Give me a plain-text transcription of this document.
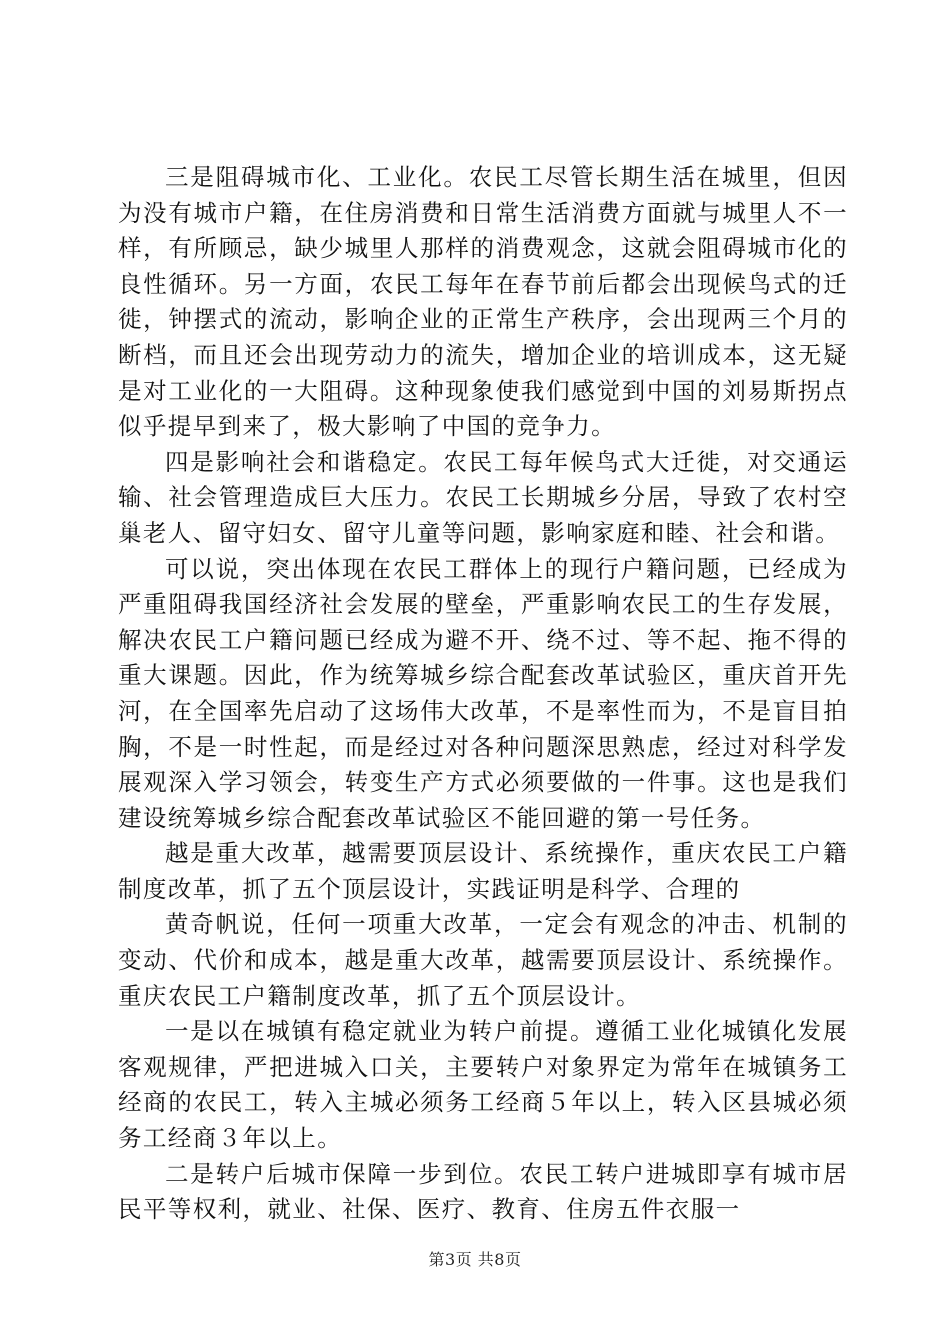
三是阻碍城市化、工业化。农民工尽管长期生活在城里，但因为没有城市户籍，在住房消费和日常生活消费方面就与城里人不一样，有所顾忌，缺少城里人那样的消费观念，这就会阻碍城市化的良性循环。另一方面，农民工每年在春节前后都会出现候鸟式的迁徙，钟摆式的流动，影响企业的正常生产秩序，会出现两三个月的断档，而且还会出现劳动力的流失，增加企业的培训成本，这无疑是对工业化的一大阻碍。这种现象使我们感觉到中国的刘易斯拐点似乎提早到来了，极大影响了中国的竞争力。

四是影响社会和谐稳定。农民工每年候鸟式大迁徙，对交通运输、社会管理造成巨大压力。农民工长期城乡分居，导致了农村空巢老人、留守妇女、留守儿童等问题，影响家庭和睦、社会和谐。

可以说，突出体现在农民工群体上的现行户籍问题，已经成为严重阻碍我国经济社会发展的壁垒，严重影响农民工的生存发展，解决农民工户籍问题已经成为避不开、绕不过、等不起、拖不得的重大课题。因此，作为统筹城乡综合配套改革试验区，重庆首开先河，在全国率先启动了这场伟大改革，不是率性而为，不是盲目拍胸，不是一时性起，而是经过对各种问题深思熟虑，经过对科学发展观深入学习领会，转变生产方式必须要做的一件事。这也是我们建设统筹城乡综合配套改革试验区不能回避的第一号任务。

越是重大改革，越需要顶层设计、系统操作，重庆农民工户籍制度改革，抓了五个顶层设计，实践证明是科学、合理的

黄奇帆说，任何一项重大改革，一定会有观念的冲击、机制的变动、代价和成本，越是重大改革，越需要顶层设计、系统操作。重庆农民工户籍制度改革，抓了五个顶层设计。

一是以在城镇有稳定就业为转户前提。遵循工业化城镇化发展客观规律，严把进城入口关，主要转户对象界定为常年在城镇务工经商的农民工，转入主城必须务工经商５年以上，转入区县城必须务工经商３年以上。

二是转户后城市保障一步到位。农民工转户进城即享有城市居民平等权利，就业、社保、医疗、教育、住房五件衣服一

第3页 共8页
